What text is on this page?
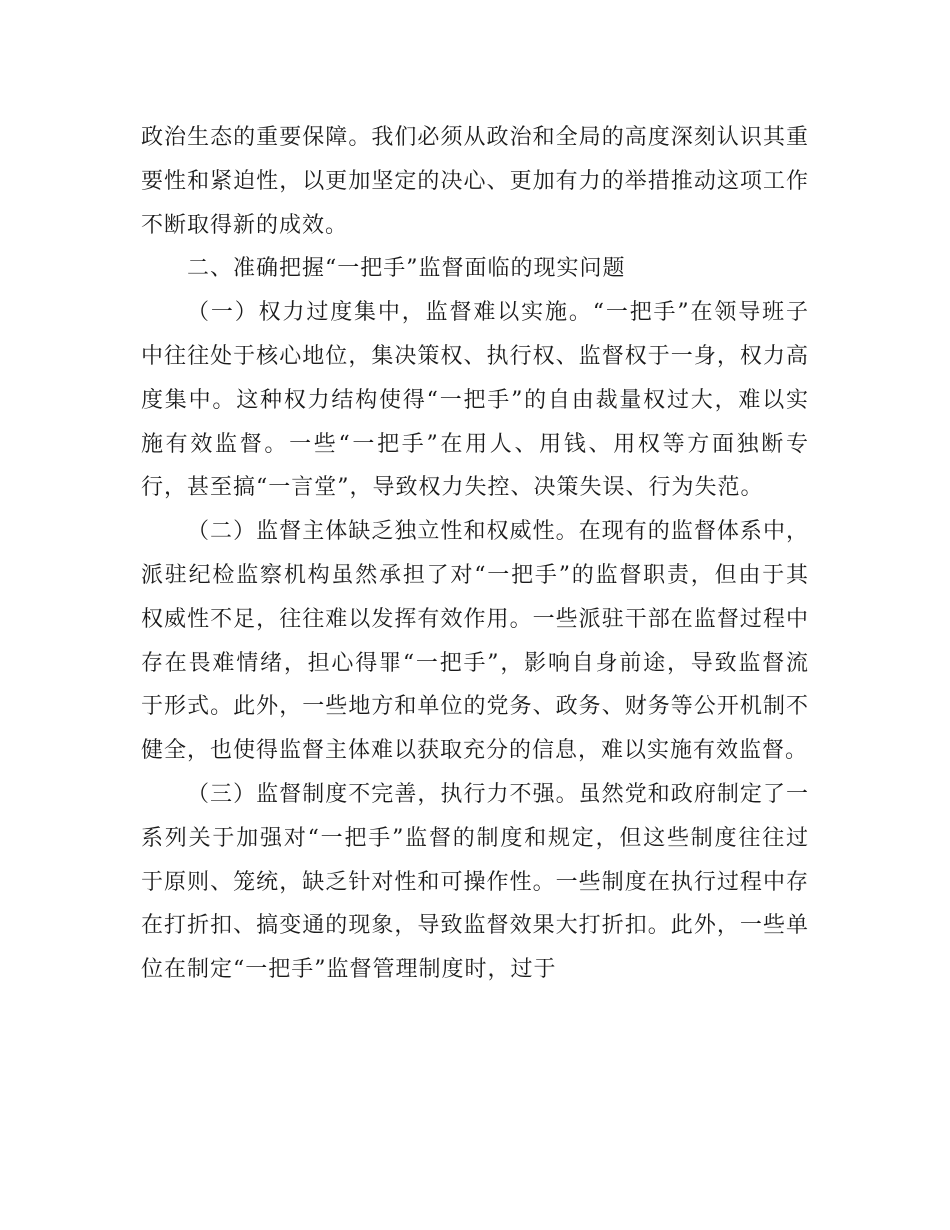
政治生态的重要保障。我们必须从政治和全局的高度深刻认识其重要性和紧迫性，以更加坚定的决心、更加有力的举措推动这项工作不断取得新的成效。

二、准确把握“一把手”监督面临的现实问题

（一）权力过度集中，监督难以实施。“一把手”在领导班子中往往处于核心地位，集决策权、执行权、监督权于一身，权力高度集中。这种权力结构使得“一把手”的自由裁量权过大，难以实施有效监督。一些“一把手”在用人、用钱、用权等方面独断专行，甚至搞“一言堂”，导致权力失控、决策失误、行为失范。

（二）监督主体缺乏独立性和权威性。在现有的监督体系中，派驻纪检监察机构虽然承担了对“一把手”的监督职责，但由于其权威性不足，往往难以发挥有效作用。一些派驻干部在监督过程中存在畏难情绪，担心得罪“一把手”，影响自身前途，导致监督流于形式。此外，一些地方和单位的党务、政务、财务等公开机制不健全，也使得监督主体难以获取充分的信息，难以实施有效监督。

（三）监督制度不完善，执行力不强。虽然党和政府制定了一系列关于加强对“一把手”监督的制度和规定，但这些制度往往过于原则、笼统，缺乏针对性和可操作性。一些制度在执行过程中存在打折扣、搞变通的现象，导致监督效果大打折扣。此外，一些单位在制定“一把手”监督管理制度时，过于
